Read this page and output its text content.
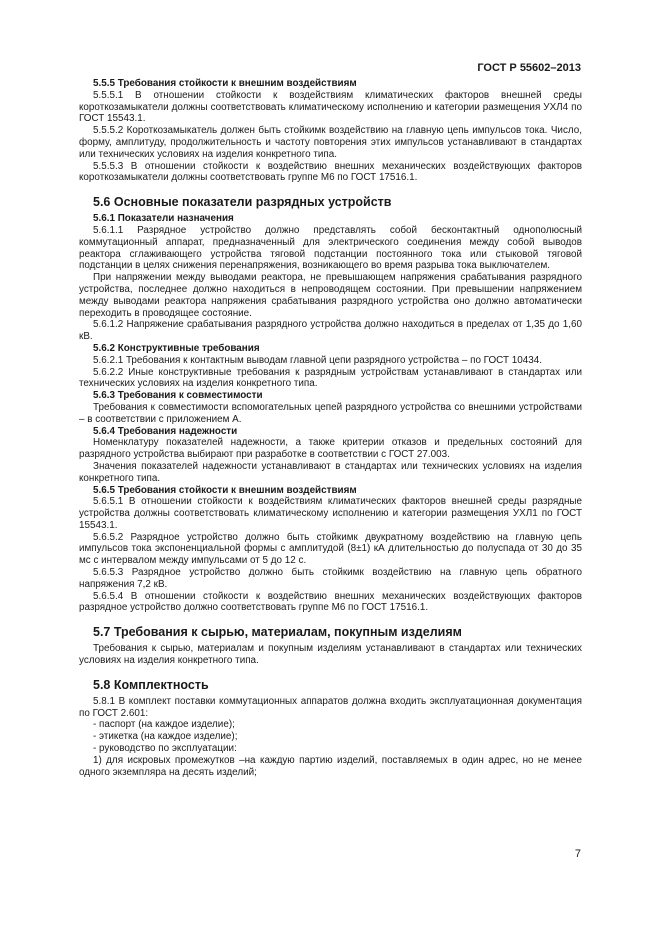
ГОСТ Р 55602–2013
5.5.5 Требования стойкости к внешним воздействиям
5.5.5.1 В отношении стойкости к воздействиям климатических факторов внешней среды короткозамыкатели должны соответствовать климатическому исполнению и категории размещения УХЛ4 по ГОСТ 15543.1.
5.5.5.2 Короткозамыкатель должен быть стойкимк воздействию на главную цепь импульсов тока. Число, форму, амплитуду, продолжительность и частоту повторения этих импульсов устанавливают в стандартах или технических условиях на изделия конкретного типа.
5.5.5.3 В отношении стойкости к воздействию внешних механических воздействующих факторов короткозамыкатели должны соответствовать группе М6 по ГОСТ 17516.1.
5.6 Основные показатели разрядных устройств
5.6.1 Показатели назначения
5.6.1.1 Разрядное устройство должно представлять собой бесконтактный однополюсный коммутационный аппарат, предназначенный для электрического соединения между собой выводов реактора сглаживающего устройства тяговой подстанции постоянного тока или стыковой тяговой подстанции в целях снижения перенапряжения, возникающего во время разрыва тока выключателем.
При напряжении между выводами реактора, не превышающем напряжения срабатывания разрядного устройства, последнее должно находиться в непроводящем состоянии. При превышении напряжением между выводами реактора напряжения срабатывания разрядного устройства оно должно автоматически переходить в проводящее состояние.
5.6.1.2 Напряжение срабатывания разрядного устройства должно находиться в пределах от 1,35 до 1,60 кВ.
5.6.2 Конструктивные требования
5.6.2.1 Требования к контактным выводам главной цепи разрядного устройства – по ГОСТ 10434.
5.6.2.2 Иные конструктивные требования к разрядным устройствам устанавливают в стандартах или технических условиях на изделия конкретного типа.
5.6.3 Требования к совместимости
Требования к совместимости вспомогательных цепей разрядного устройства со внешними устройствами – в соответствии с приложением А.
5.6.4 Требования надежности
Номенклатуру показателей надежности, а также критерии отказов и предельных состояний для разрядного устройства выбирают при разработке в соответствии с ГОСТ 27.003.
Значения показателей надежности устанавливают в стандартах или технических условиях на изделия конкретного типа.
5.6.5 Требования стойкости к внешним воздействиям
5.6.5.1 В отношении стойкости к воздействиям климатических факторов внешней среды разрядные устройства должны соответствовать климатическому исполнению и категории размещения УХЛ1 по ГОСТ 15543.1.
5.6.5.2 Разрядное устройство должно быть стойкимк двукратному воздействию на главную цепь импульсов тока экспоненциальной формы с амплитудой (8±1) кА длительностью до полуспада от 30 до 35 мс с интервалом между импульсами от 5 до 12 с.
5.6.5.3 Разрядное устройство должно быть стойкимк воздействию на главную цепь обратного напряжения 7,2 кВ.
5.6.5.4 В отношении стойкости к воздействию внешних механических воздействующих факторов разрядное устройство должно соответствовать группе М6 по ГОСТ 17516.1.
5.7 Требования к сырью, материалам, покупным изделиям
Требования к сырью, материалам и покупным изделиям устанавливают в стандартах или технических условиях на изделия конкретного типа.
5.8 Комплектность
5.8.1 В комплект поставки коммутационных аппаратов должна входить эксплуатационная документация по ГОСТ 2.601:
- паспорт (на каждое изделие);
- этикетка (на каждое изделие);
- руководство по эксплуатации:
1) для искровых промежутков –на каждую партию изделий, поставляемых в один адрес, но не менее одного экземпляра на десять изделий;
7
